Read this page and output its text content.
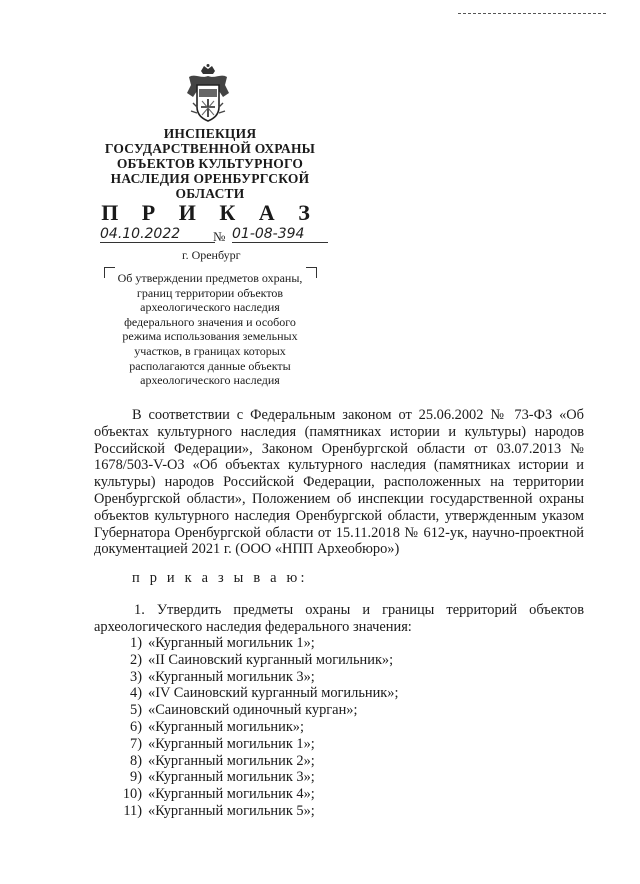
ИНСПЕКЦИЯ
ГОСУДАРСТВЕННОЙ ОХРАНЫ
ОБЪЕКТОВ КУЛЬТУРНОГО
НАСЛЕДИЯ ОРЕНБУРГСКОЙ
ОБЛАСТИ
П Р И К А З
04.10.2022	№ 01-08-394
г. Оренбург
Об утверждении предметов охраны, границ территории объектов археологического наследия федерального значения и особого режима использования земельных участков, в границах которых располагаются данные объекты археологического наследия
В соответствии с Федеральным законом от 25.06.2002 № 73-ФЗ «Об объектах культурного наследия (памятниках истории и культуры) народов Российской Федерации», Законом Оренбургской области от 03.07.2013 № 1678/503-V-ОЗ «Об объектах культурного наследия (памятниках истории и культуры) народов Российской Федерации, расположенных на территории Оренбургской области», Положением об инспекции государственной охраны объектов культурного наследия Оренбургской области, утвержденным указом Губернатора Оренбургской области от 15.11.2018 № 612-ук, научно-проектной документацией 2021 г. (ООО «НПП Археобюро»)
п р и к а з ы в а ю:
1. Утвердить предметы охраны и границы территорий объектов археологического наследия федерального значения:
1) «Курганный могильник 1»;
2) «II Саиновский курганный могильник»;
3) «Курганный могильник 3»;
4) «IV Саиновский курганный могильник»;
5) «Саиновский одиночный курган»;
6) «Курганный могильник»;
7) «Курганный могильник 1»;
8) «Курганный могильник 2»;
9) «Курганный могильник 3»;
10) «Курганный могильник 4»;
11) «Курганный могильник 5»;
